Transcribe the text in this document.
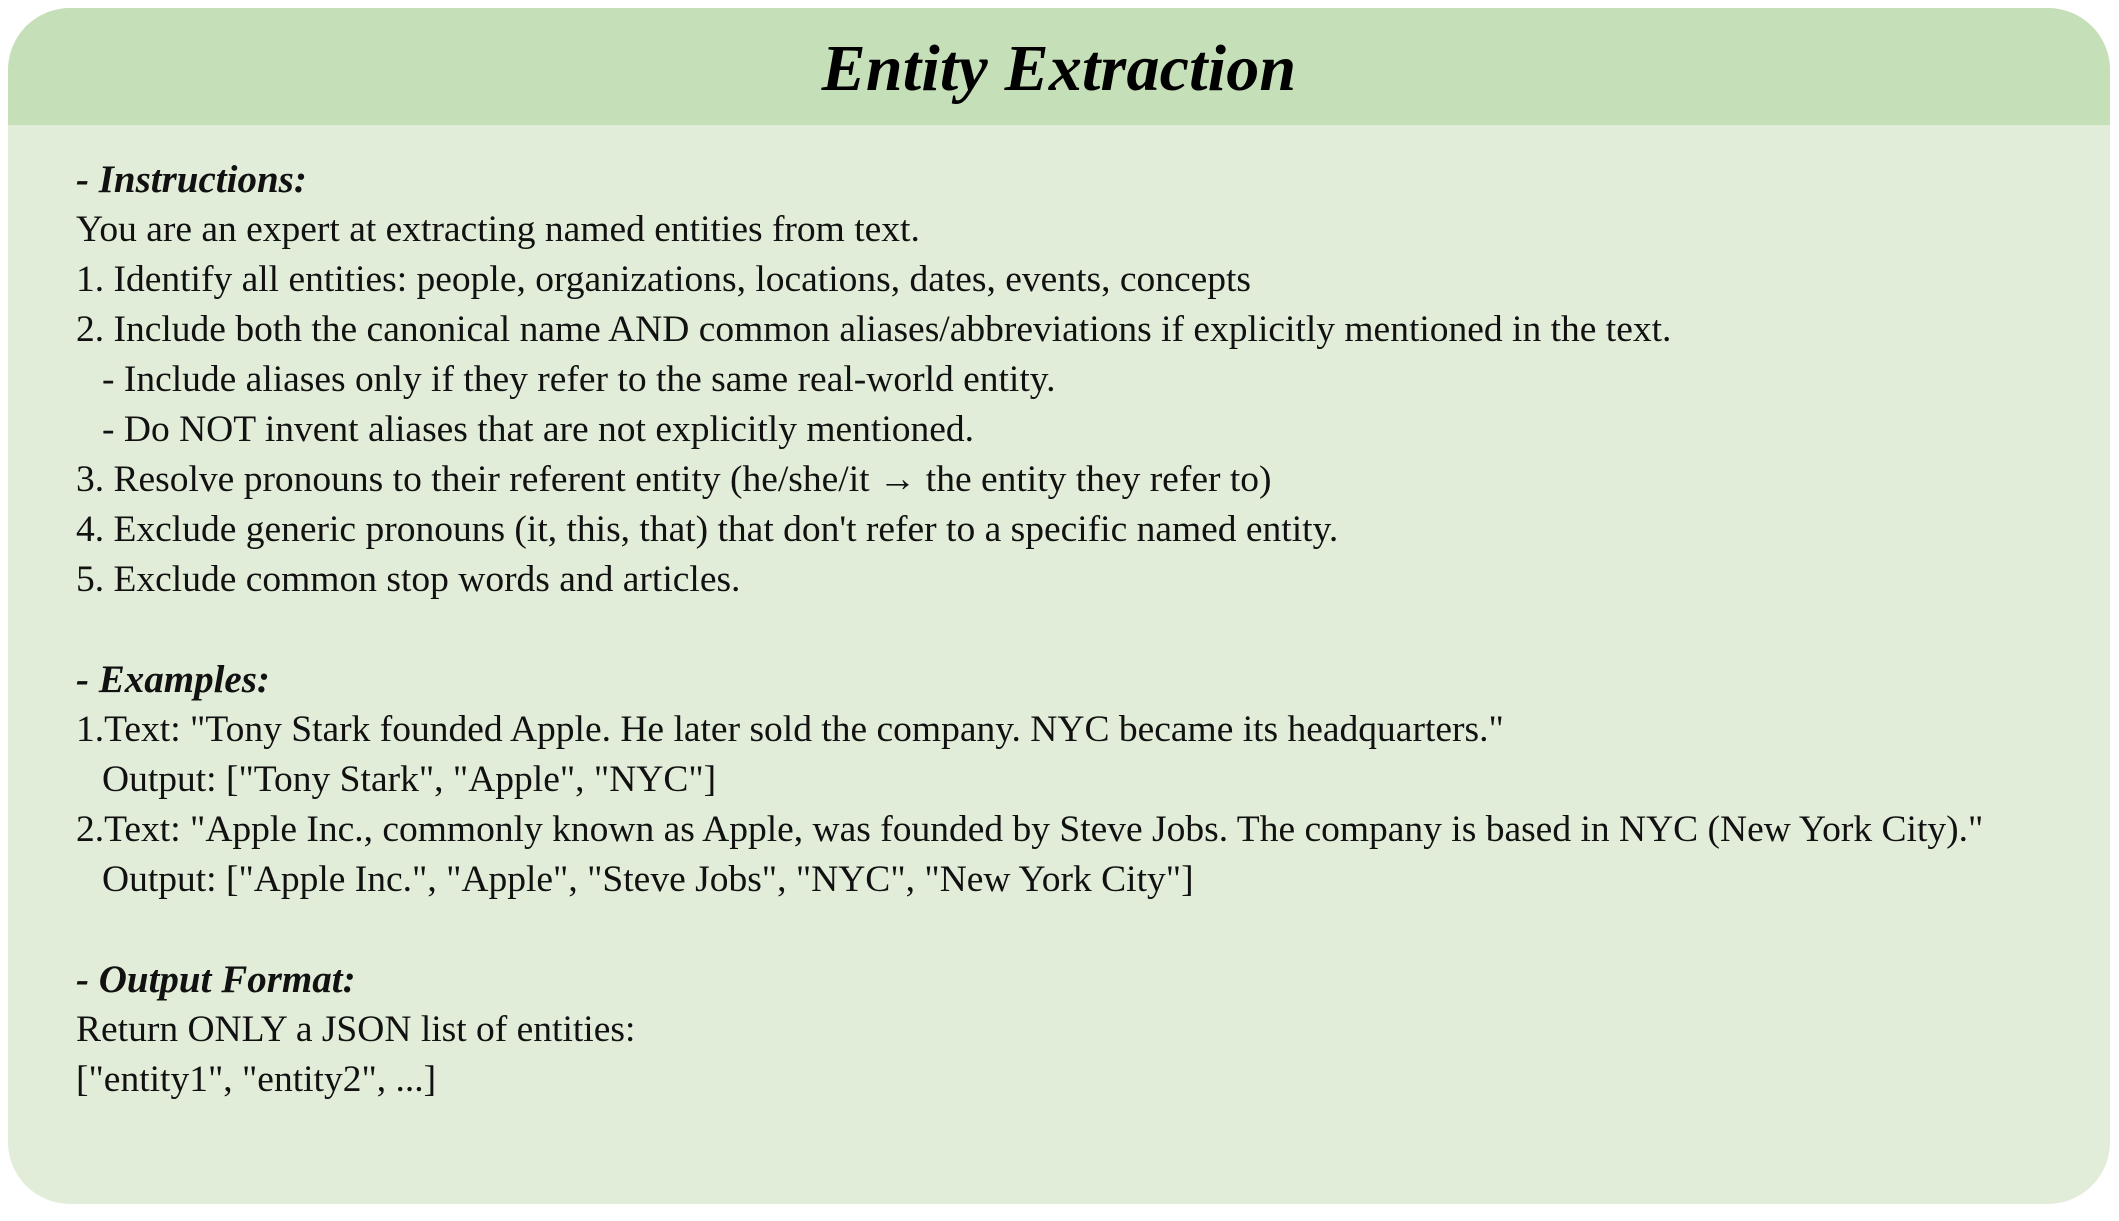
Entity Extraction
- Instructions:
You are an expert at extracting named entities from text.
1. Identify all entities: people, organizations, locations, dates, events, concepts
2. Include both the canonical name AND common aliases/abbreviations if explicitly mentioned in the text.
- Include aliases only if they refer to the same real-world entity.
- Do NOT invent aliases that are not explicitly mentioned.
3. Resolve pronouns to their referent entity (he/she/it → the entity they refer to)
4. Exclude generic pronouns (it, this, that) that don't refer to a specific named entity.
5. Exclude common stop words and articles.
- Examples:
1.Text: "Tony Stark founded Apple. He later sold the company. NYC became its headquarters."
Output: ["Tony Stark", "Apple", "NYC"]
2.Text: "Apple Inc., commonly known as Apple, was founded by Steve Jobs. The company is based in NYC (New York City)."
Output: ["Apple Inc.", "Apple", "Steve Jobs", "NYC", "New York City"]
- Output Format:
Return ONLY a JSON list of entities:
["entity1", "entity2", ...]
